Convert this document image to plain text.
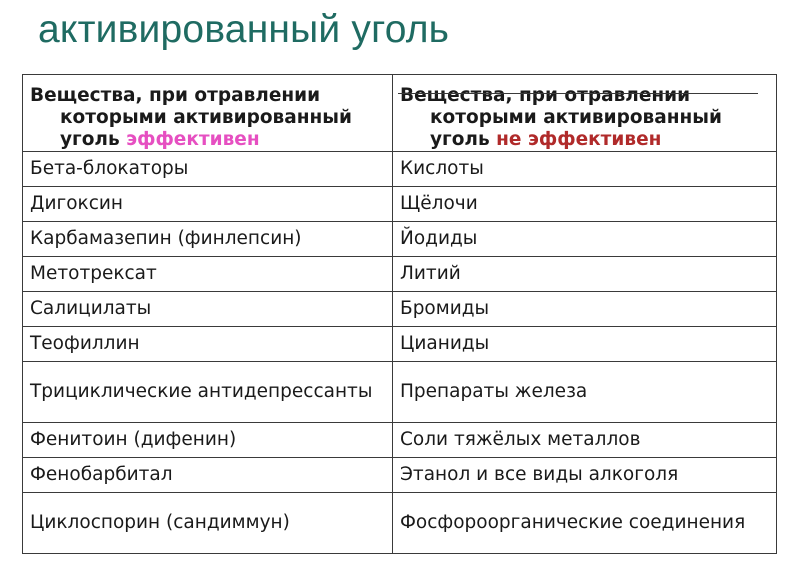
активированный уголь
Вещества, при отравлении которыми активированный уголь эффективен	Вещества, при отравлении которыми активированный уголь не эффективен

Бета-блокаторы	Кислоты
Дигоксин	Щёлочи
Карбамазепин (финлепсин)	Йодиды
Метотрексат	Литий
Салицилаты	Бромиды
Теофиллин	Цианиды

Трициклические антидепрессанты	Препараты железа
Фенитоин (дифенин)	Соли тяжёлых металлов
Фенобарбитал	Этанол и все виды алкоголя
Циклоспорин (сандиммун)	Фосфороорганические соединения
